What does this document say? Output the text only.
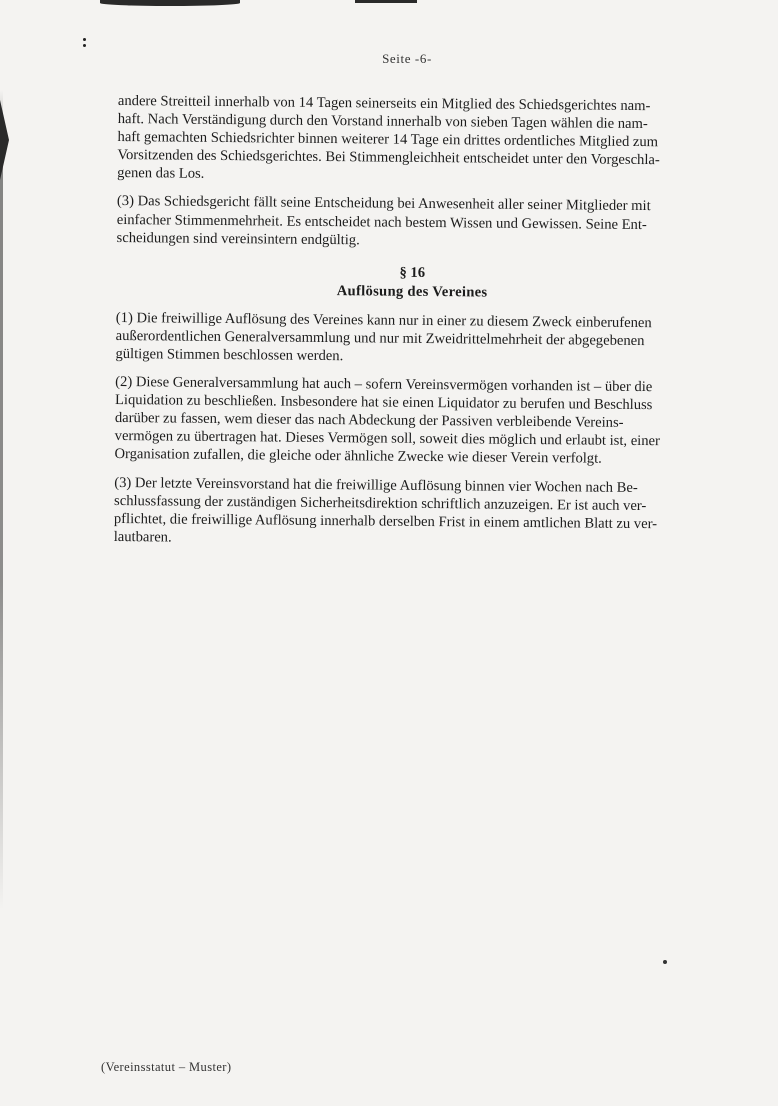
Seite -6-

andere Streitteil innerhalb von 14 Tagen seinerseits ein Mitglied des Schiedsgerichtes nam-
haft. Nach Verständigung durch den Vorstand innerhalb von sieben Tagen wählen die nam-
haft gemachten Schiedsrichter binnen weiterer 14 Tage ein drittes ordentliches Mitglied zum
Vorsitzenden des Schiedsgerichtes. Bei Stimmengleichheit entscheidet unter den Vorgeschla-
genen das Los.

(3) Das Schiedsgericht fällt seine Entscheidung bei Anwesenheit aller seiner Mitglieder mit
einfacher Stimmenmehrheit. Es entscheidet nach bestem Wissen und Gewissen. Seine Ent-
scheidungen sind vereinsintern endgültig.

§ 16
Auflösung des Vereines

(1) Die freiwillige Auflösung des Vereines kann nur in einer zu diesem Zweck einberufenen
außerordentlichen Generalversammlung und nur mit Zweidrittelmehrheit der abgegebenen
gültigen Stimmen beschlossen werden.

(2) Diese Generalversammlung hat auch – sofern Vereinsvermögen vorhanden ist – über die
Liquidation zu beschließen. Insbesondere hat sie einen Liquidator zu berufen und Beschluss
darüber zu fassen, wem dieser das nach Abdeckung der Passiven verbleibende Vereins-
vermögen zu übertragen hat. Dieses Vermögen soll, soweit dies möglich und erlaubt ist, einer
Organisation zufallen, die gleiche oder ähnliche Zwecke wie dieser Verein verfolgt.

(3) Der letzte Vereinsvorstand hat die freiwillige Auflösung binnen vier Wochen nach Be-
schlussfassung der zuständigen Sicherheitsdirektion schriftlich anzuzeigen. Er ist auch ver-
pflichtet, die freiwillige Auflösung innerhalb derselben Frist in einem amtlichen Blatt zu ver-
lautbaren.

(Vereinsstatut – Muster)
